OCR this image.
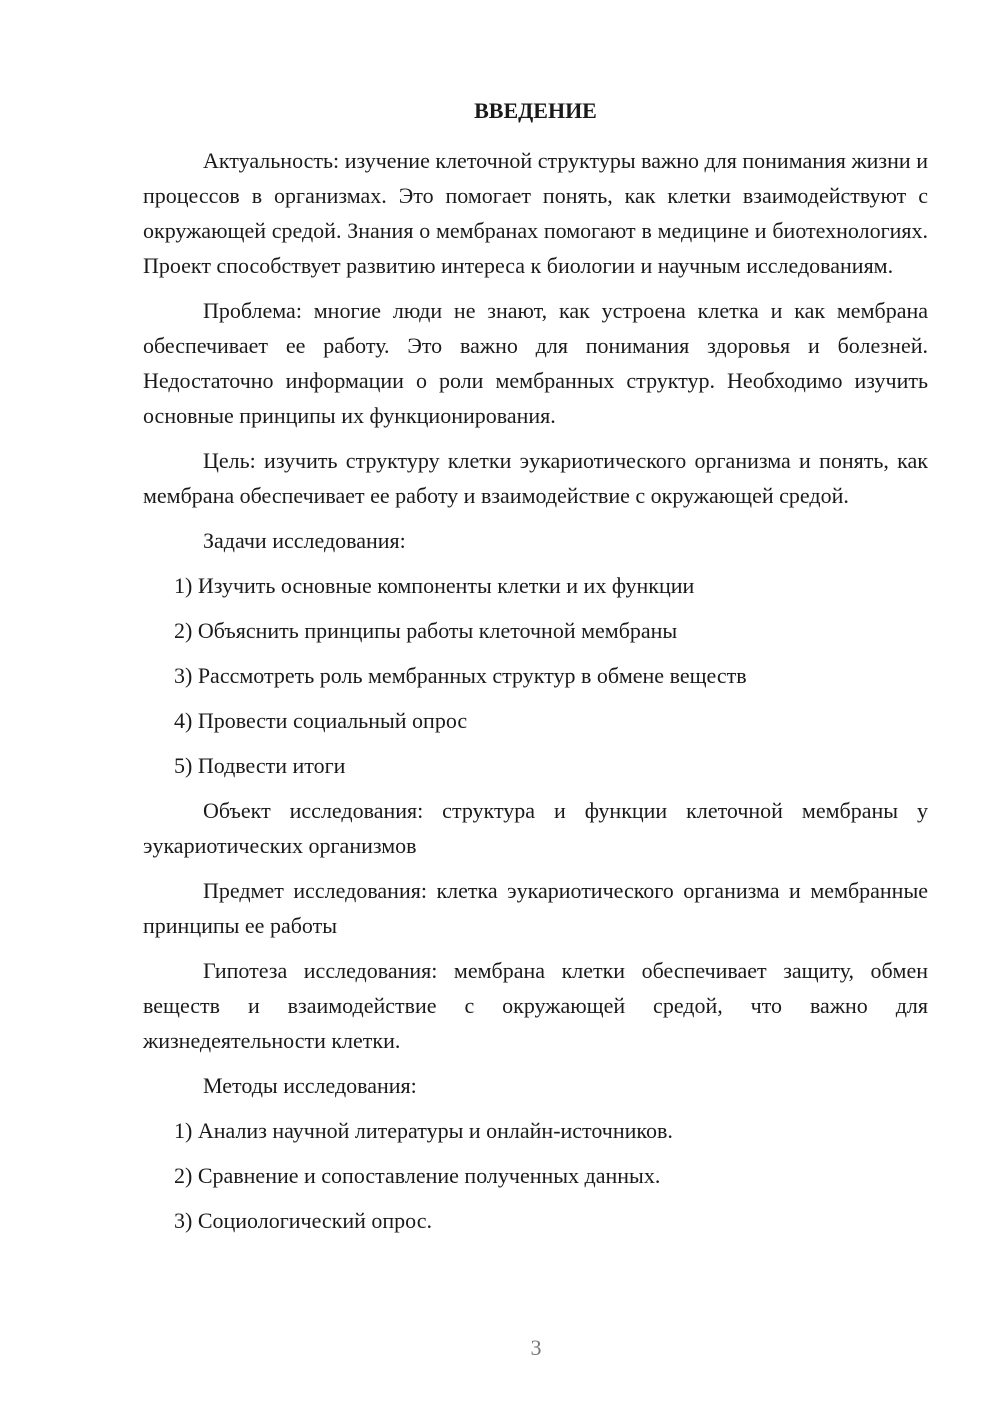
ВВЕДЕНИЕ

Актуальность: изучение клеточной структуры важно для понимания жизни и процессов в организмах. Это помогает понять, как клетки взаимодействуют с окружающей средой. Знания о мембранах помогают в медицине и биотехнологиях. Проект способствует развитию интереса к биологии и научным исследованиям.

Проблема: многие люди не знают, как устроена клетка и как мембрана обеспечивает ее работу. Это важно для понимания здоровья и болезней. Недостаточно информации о роли мембранных структур. Необходимо изучить основные принципы их функционирования.

Цель: изучить структуру клетки эукариотического организма и понять, как мембрана обеспечивает ее работу и взаимодействие с окружающей средой.

Задачи исследования:

1) Изучить основные компоненты клетки и их функции

2) Объяснить принципы работы клеточной мембраны

3) Рассмотреть роль мембранных структур в обмене веществ

4) Провести социальный опрос

5) Подвести итоги

Объект исследования: структура и функции клеточной мембраны у эукариотических организмов

Предмет исследования: клетка эукариотического организма и мембранные принципы ее работы

Гипотеза исследования: мембрана клетки обеспечивает защиту, обмен веществ и взаимодействие с окружающей средой, что важно для жизнедеятельности клетки.

Методы исследования:

1) Анализ научной литературы и онлайн-источников.

2) Сравнение и сопоставление полученных данных.

3) Социологический опрос.

3
